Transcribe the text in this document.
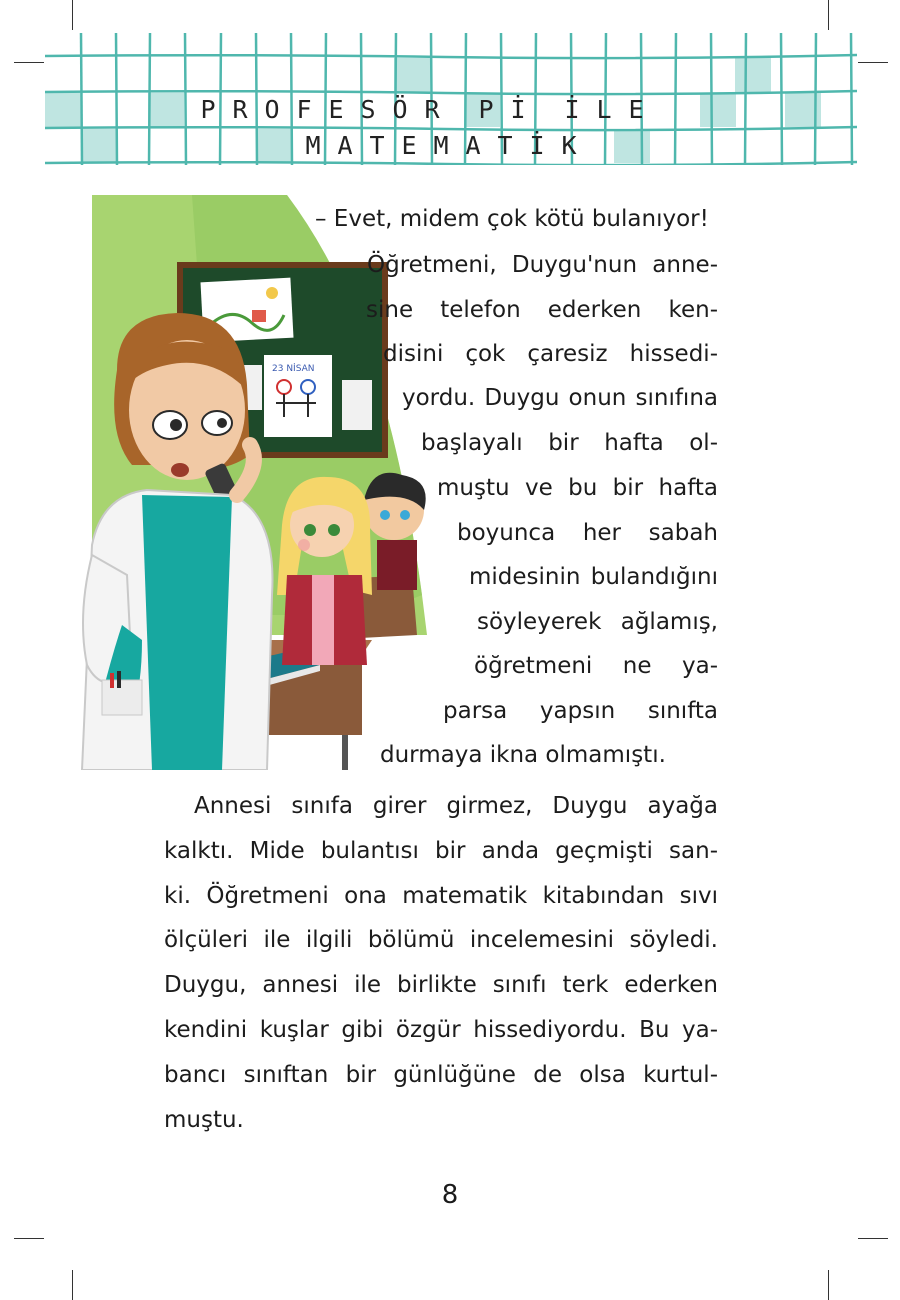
P R O F E S Ö R P İ İ L E
M A T E M A T İ K
23 NİSAN
– Evet, midem çok kötü bulanıyor!
Öğretmeni, Duygu'nun anne-
sine telefon ederken ken-
disini çok çaresiz hissedi-
yordu. Duygu onun sınıfına
başlayalı bir hafta ol-
muştu ve bu bir hafta
boyunca her sabah
midesinin bulandığını
söyleyerek ağlamış,
öğretmeni ne ya-
parsa yapsın sınıfta
durmaya ikna olmamıştı.
Annesi sınıfa girer girmez, Duygu ayağa
kalktı. Mide bulantısı bir anda geçmişti san-
ki. Öğretmeni ona matematik kitabından sıvı
ölçüleri ile ilgili bölümü incelemesini söyledi.
Duygu, annesi ile birlikte sınıfı terk ederken
kendini kuşlar gibi özgür hissediyordu. Bu ya-
bancı sınıftan bir günlüğüne de olsa kurtul-
muştu.
8
